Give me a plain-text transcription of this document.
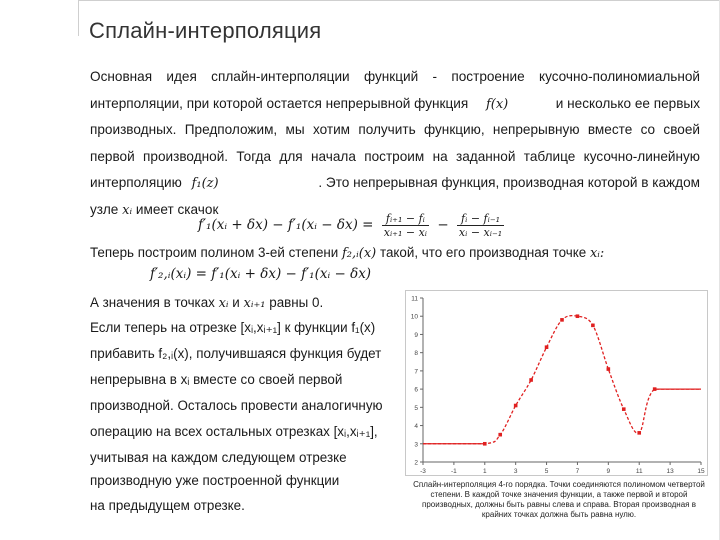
Сплайн-интерполяция
Основная идея сплайн-интерполяции функций - построение кусочно-полиномиальной
интерполяции, при которой остается непрерывной функция f(x)	и несколько ее первых
производных. Предположим, мы хотим получить функцию, непрерывную вместе со своей
первой производной. Тогда для начала построим на заданной таблице кусочно-линейную
интерполяцию f₁(z)	. Это непрерывная функция, производная которой в каждом
узле xᵢ имеет скачок
f′₁(xᵢ + δx) − f′₁(xᵢ − $\delta x) = \frac{\text{fᵢ₊₁ − fᵢ}}{\text{xᵢ₊₁ − xᵢ}} - \frac{\text{fᵢ − fᵢ₋₁}}{\text{xᵢ − xᵢ₋₁}}$
Теперь построим полином 3-ей степени f₂,ᵢ(x) такой, что его производная точке xᵢ:
f′₂,ᵢ(xᵢ) = f′₁(xᵢ + δx) − f′₁(xᵢ − δx)
А значения в точках xᵢ и xᵢ₊₁ равны 0.
Если теперь на отрезке [xᵢ,xᵢ₊₁] к функции f₁(x)
прибавить f₂,ᵢ(x), получившаяся функция будет
непрерывна в xᵢ вместе со своей первой
производной. Осталось провести аналогичную
операцию на всех остальных отрезках [xᵢ,xᵢ₊₁],
учитывая на каждом следующем отрезке
производную уже построенной функции
на предыдущем отрезке.
-3	-1	1	3	5	7	9	11	13	15
2
3
4
5
6
7
8
9
10
11
Сплайн-интерполяция 4-го порядка. Точки соединяются полиномом четвертой степени. В каждой точке значения функции, а также первой и второй производных, должны быть равны слева и справа. Вторая производная в крайних точках должна быть равна нулю.
